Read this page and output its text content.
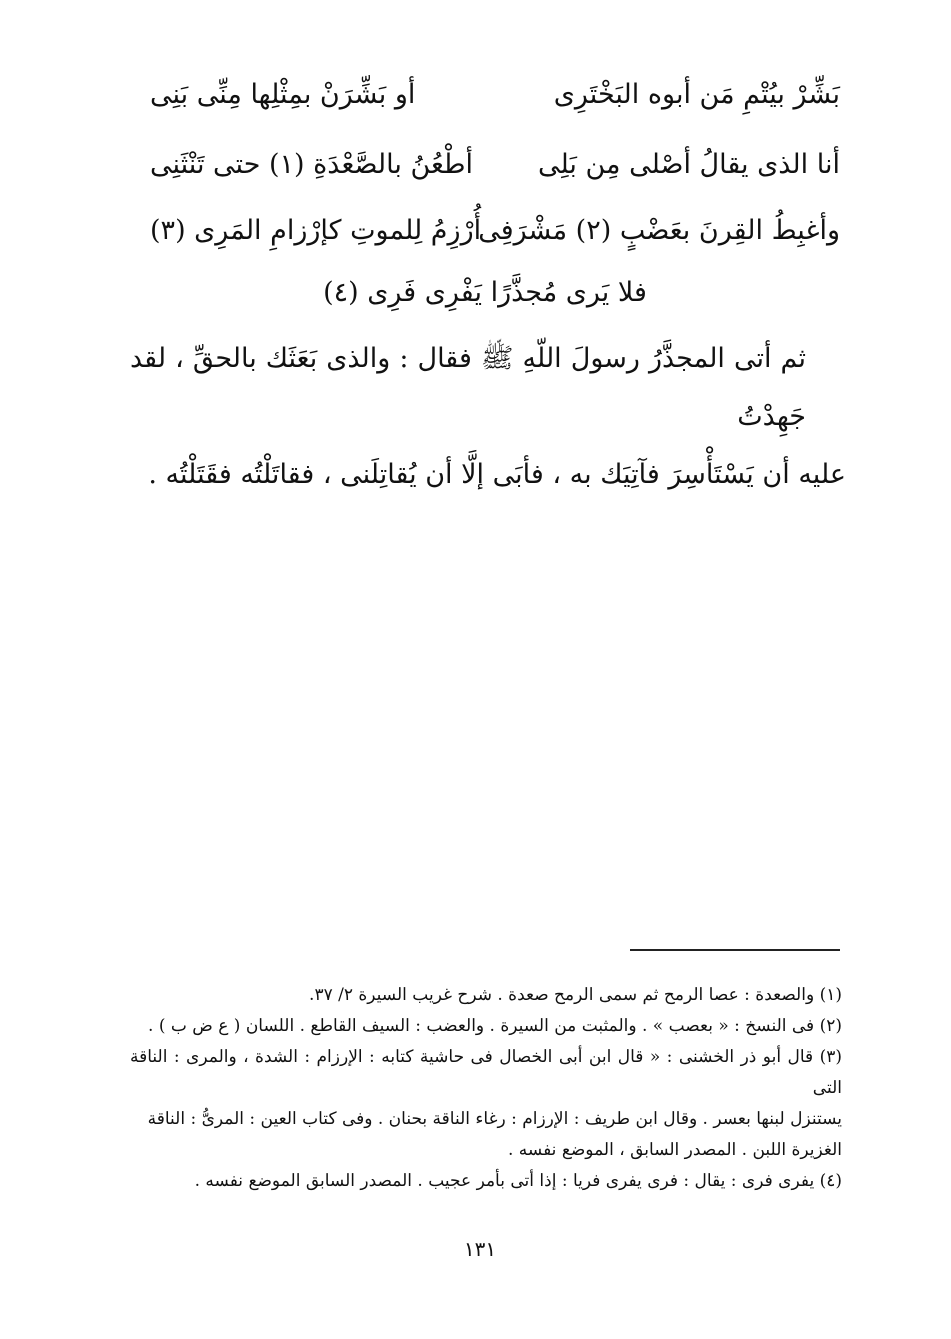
بَشِّرْ بيُتْمِ مَن أبوه البَخْتَرِى
أو بَشِّرَنْ بمِثْلِها مِنِّى بَنِى
أنا الذى يقالُ أصْلى مِن بَلِى
أطْعُنُ بالصَّعْدَةِ (١) حتى تَنْثَنِى
وأغبِطُ القِرنَ بعَضْبٍ (٢) مَشْرَفِى
أُرْزِمُ لِلموتِ كإرْزامِ المَرِى (٣)
فلا يَرى مُجذَّرًا يَفْرِى فَرِى (٤)

ثم أتى المجذَّرُ رسولَ اللّهِ ﷺ فقال : والذى بَعَثَك بالحقِّ ، لقد جَهِدْتُ

عليه أن يَسْتَأْسِرَ فآتِيَك به ، فأبَى إلَّا أن يُقاتِلَنى ، فقاتَلْتُه فقَتَلْتُه .

(١) والصعدة : عصا الرمح ثم سمى الرمح صعدة . شرح غريب السيرة ٢/ ٣٧.

(٢) فى النسخ : « بعصب » . والمثبت من السيرة . والعضب : السيف القاطع . اللسان ( ع ض ب ) .

(٣) قال أبو ذر الخشنى : « قال ابن أبى الخصال فى حاشية كتابه : الإرزام : الشدة ، والمرى : الناقة التى

يستنزل لبنها بعسر . وقال ابن طريف : الإرزام : رغاء الناقة بحنان . وفى كتاب العين : المرىُّ : الناقة

الغزيرة اللبن . المصدر السابق ، الموضع نفسه .

(٤) يفرى فرى : يقال : فرى يفرى فريا : إذا أتى بأمر عجيب . المصدر السابق الموضع نفسه .

١٣١
